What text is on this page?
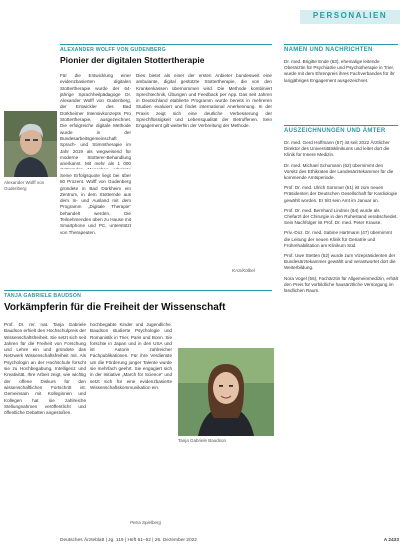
PERSONALIEN
ALEXANDER WOLFF VON GUDENBERG
Pionier der digitalen Stottertherapie
Alexander Wolff von Gudenberg

Für die Entwicklung einer evidenzbasierten digitalen Stottertherapie wurde der 64-jährige Sprachheilpädagoge Dr. Alexander Wolff von Gudenberg, der Entwickler des Bad Dürkheimer Intensivkonzepts Pro Stottertherapie, ausgezeichnet. Die erfolgreiche digitale Methode wurde in der Bundesarbeitsgemeinschaft Sprach- und Stimmtherapie im Jahr 2019 als wegweisend für moderne Stotterer-Behandlung anerkannt. Mit mehr als 1 000

Seine Erfolgsquote liegt bei über 80 Prozent. Wolff von Gudenberg gründete in Bad Dürkheim ein Zentrum, in dem Stotternde aus dem In- und Ausland mit dem Programm „Digitale Therapie“ behandelt werden. Die Teilnehmenden üben zu Hause mit Smartphone und PC, unterstützt von Therapeuten.

Dies bietet als einer der ersten Anbieter bundesweit eine ambulante, digital gestützte Stottertherapie, die von den Krankenkassen übernommen wird. Die Methode kombiniert Sprechtechnik, Übungen und Feedback per App. Das seit Jahren in Deutschland etablierte Programm wurde bereits in mehreren Studien evaluiert und findet international Anerkennung. In der Praxis zeigt sich eine deutliche Verbesserung der Sprechflüssigkeit und Lebensqualität der Betroffenen. Sein Engagement gilt weiterhin der Verbreitung der Methode.

KAS/Kölbel
TANJA GABRIELE BAUDSON
Vorkämpferin für die Freiheit der Wissenschaft

Prof. Dr. rer. nat. Tanja Gabriele Baudson erhielt den Hochschulpreis der Wissenschaftsfreiheit. Sie setzt sich seit Jahren für die Freiheit von Forschung und Lehre ein und gründete das Netzwerk Wissenschaftsfreiheit mit. Als Psychologin an der Hochschule forscht sie zu Hochbegabung, Intelligenz und Kreativität. Ihre Arbeit zeigt, wie wichtig der offene Diskurs für den wissenschaftlichen Fortschritt ist. Gemeinsam mit Kolleginnen und Kollegen hat sie zahlreiche Stellungnahmen veröffentlicht und öffentliche Debatten angestoßen.

hochbegabte Kinder und Jugendliche. Baudson studierte Psychologie und Romanistik in Trier, Paris und Bonn. Sie forschte in Japan und in den USA und ist Autorin zahlreicher Fachpublikationen. Für ihre Verdienste um die Förderung junger Talente wurde sie mehrfach geehrt. Sie engagiert sich in der Initiative „March for Science“ und setzt sich für eine evidenzbasierte Wissenschaftskommunikation ein.

Petra Spielberg
Tanja Gabriele Baudson
NAMEN UND NACHRICHTEN

Dr. med. Brigitte Ende (63), ehemalige leitende Oberärztin für Psychiatrie und Psychotherapie in Trier, wurde mit dem Ehrenpreis ihres Fachverbandes für ihr langjähriges Engagement ausgezeichnet.

AUSZEICHNUNGEN UND ÄMTER

Dr. med. Gerd Hoffmann (57) ist seit 2022 Ärztlicher Direktor des Universitätsklinikums und leitet dort die Klinik für Innere Medizin.

Dr. med. Michael Schumann (62) übernimmt den Vorsitz des Ethikrates der Landesärztekammer für die kommende Amtsperiode.

Prof. Dr. med. Ulrich Sommer (51) ist zum neuen Präsidenten der Deutschen Gesellschaft für Kardiologie gewählt worden. Er tritt sein Amt im Januar an.

Prof. Dr. med. Bernhard Lindner (64) wurde als Chefarzt der Chirurgie in den Ruhestand verabschiedet. Sein Nachfolger ist Prof. Dr. med. Peter Krause.

Priv.-Doz. Dr. med. Sabine Hartmann (47) übernimmt die Leitung der neuen Klinik für Geriatrie und Frührehabilitation am Klinikum Süd.

Prof. Uwe Stetten (52) wurde zum Vizepräsidenten der Bundesärztekammer gewählt und verantwortet dort die Weiterbildung.

Nora Vogel (56), Fachärztin für Allgemeinmedizin, erhält den Preis für vorbildliche hausärztliche Versorgung im ländlichen Raum.

Deutsches Ärzteblatt | Jg. 119 | Heft 51–52 | 26. Dezember 2022	A 2433
